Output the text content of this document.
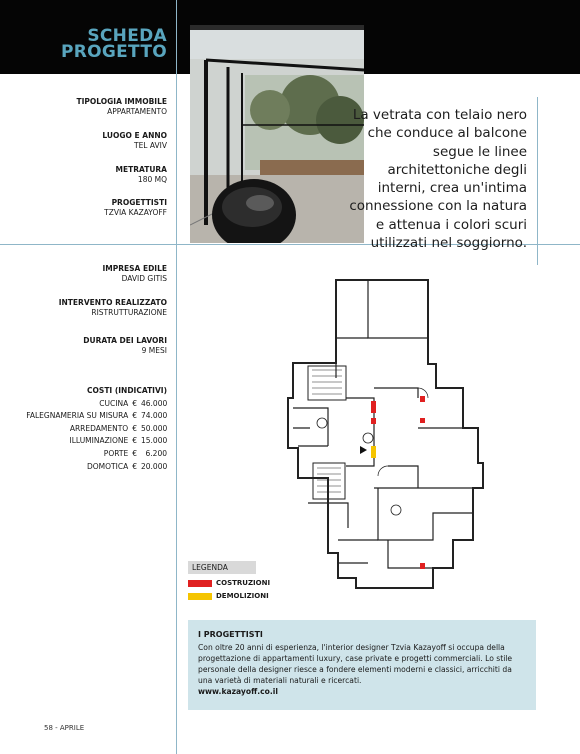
SCHEDA
PROGETTO
TIPOLOGIA IMMOBILE
APPARTAMENTO
LUOGO E ANNO
TEL AVIV
METRATURA
180 MQ
PROGETTISTI
TZVIA KAZAYOFF
La vetrata con telaio nero che conduce al balcone segue le linee architettoniche degli interni, crea un'intima connessione con la natura e attenua i colori scuri utilizzati nel soggiorno.
IMPRESA EDILE
DAVID GITIS
INTERVENTO REALIZZATO
RISTRUTTURAZIONE
DURATA DEI LAVORI
9 MESI
COSTI (INDICATIVI)
CUCINA € 46.000
FALEGNAMERIA SU MISURA € 74.000
ARREDAMENTO € 50.000
ILLUMINAZIONE € 15.000
PORTE €	6.200
DOMOTICA € 20.000
LEGENDA
COSTRUZIONI
DEMOLIZIONI
I PROGETTISTI
Con oltre 20 anni di esperienza, l'interior designer Tzvia Kazayoff si occupa della progettazione di appartamenti luxury, case private e progetti commerciali. Lo stile personale della designer riesce a fondere elementi moderni e classici, arricchiti da una varietà di materiali naturali e ricercati.
www.kazayoff.co.il
58 - APRILE
